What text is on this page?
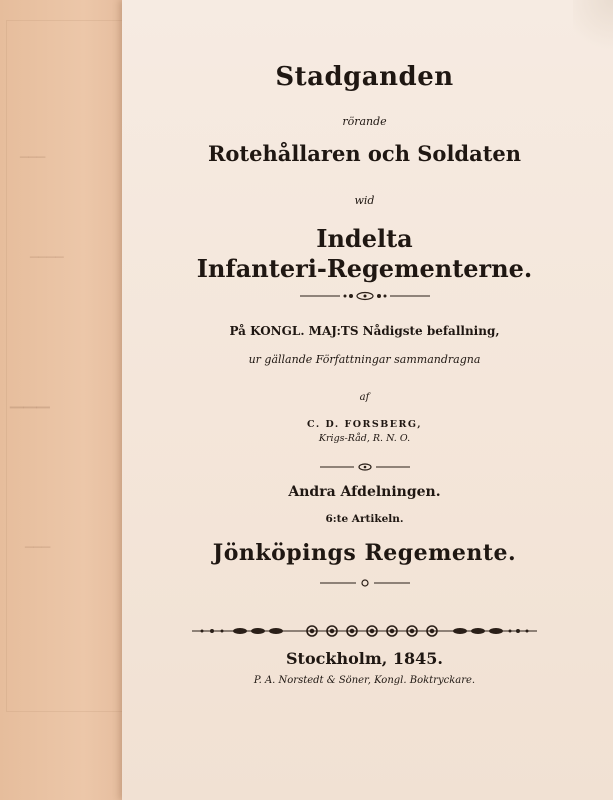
───
────
───
───
Stadganden
rörande
Rotehållaren och Soldaten
wid
Indelta
Infanteri-Regementerne.
På KONGL. MAJ:TS Nådigste befallning,
ur gällande Författningar sammandragna
af
C. D. FORSBERG,
Krigs-Råd, R. N. O.
Andra Afdelningen.
6:te Artikeln.
Jönköpings Regemente.
Stockholm, 1845.
P. A. Norstedt & Söner, Kongl. Boktryckare.
